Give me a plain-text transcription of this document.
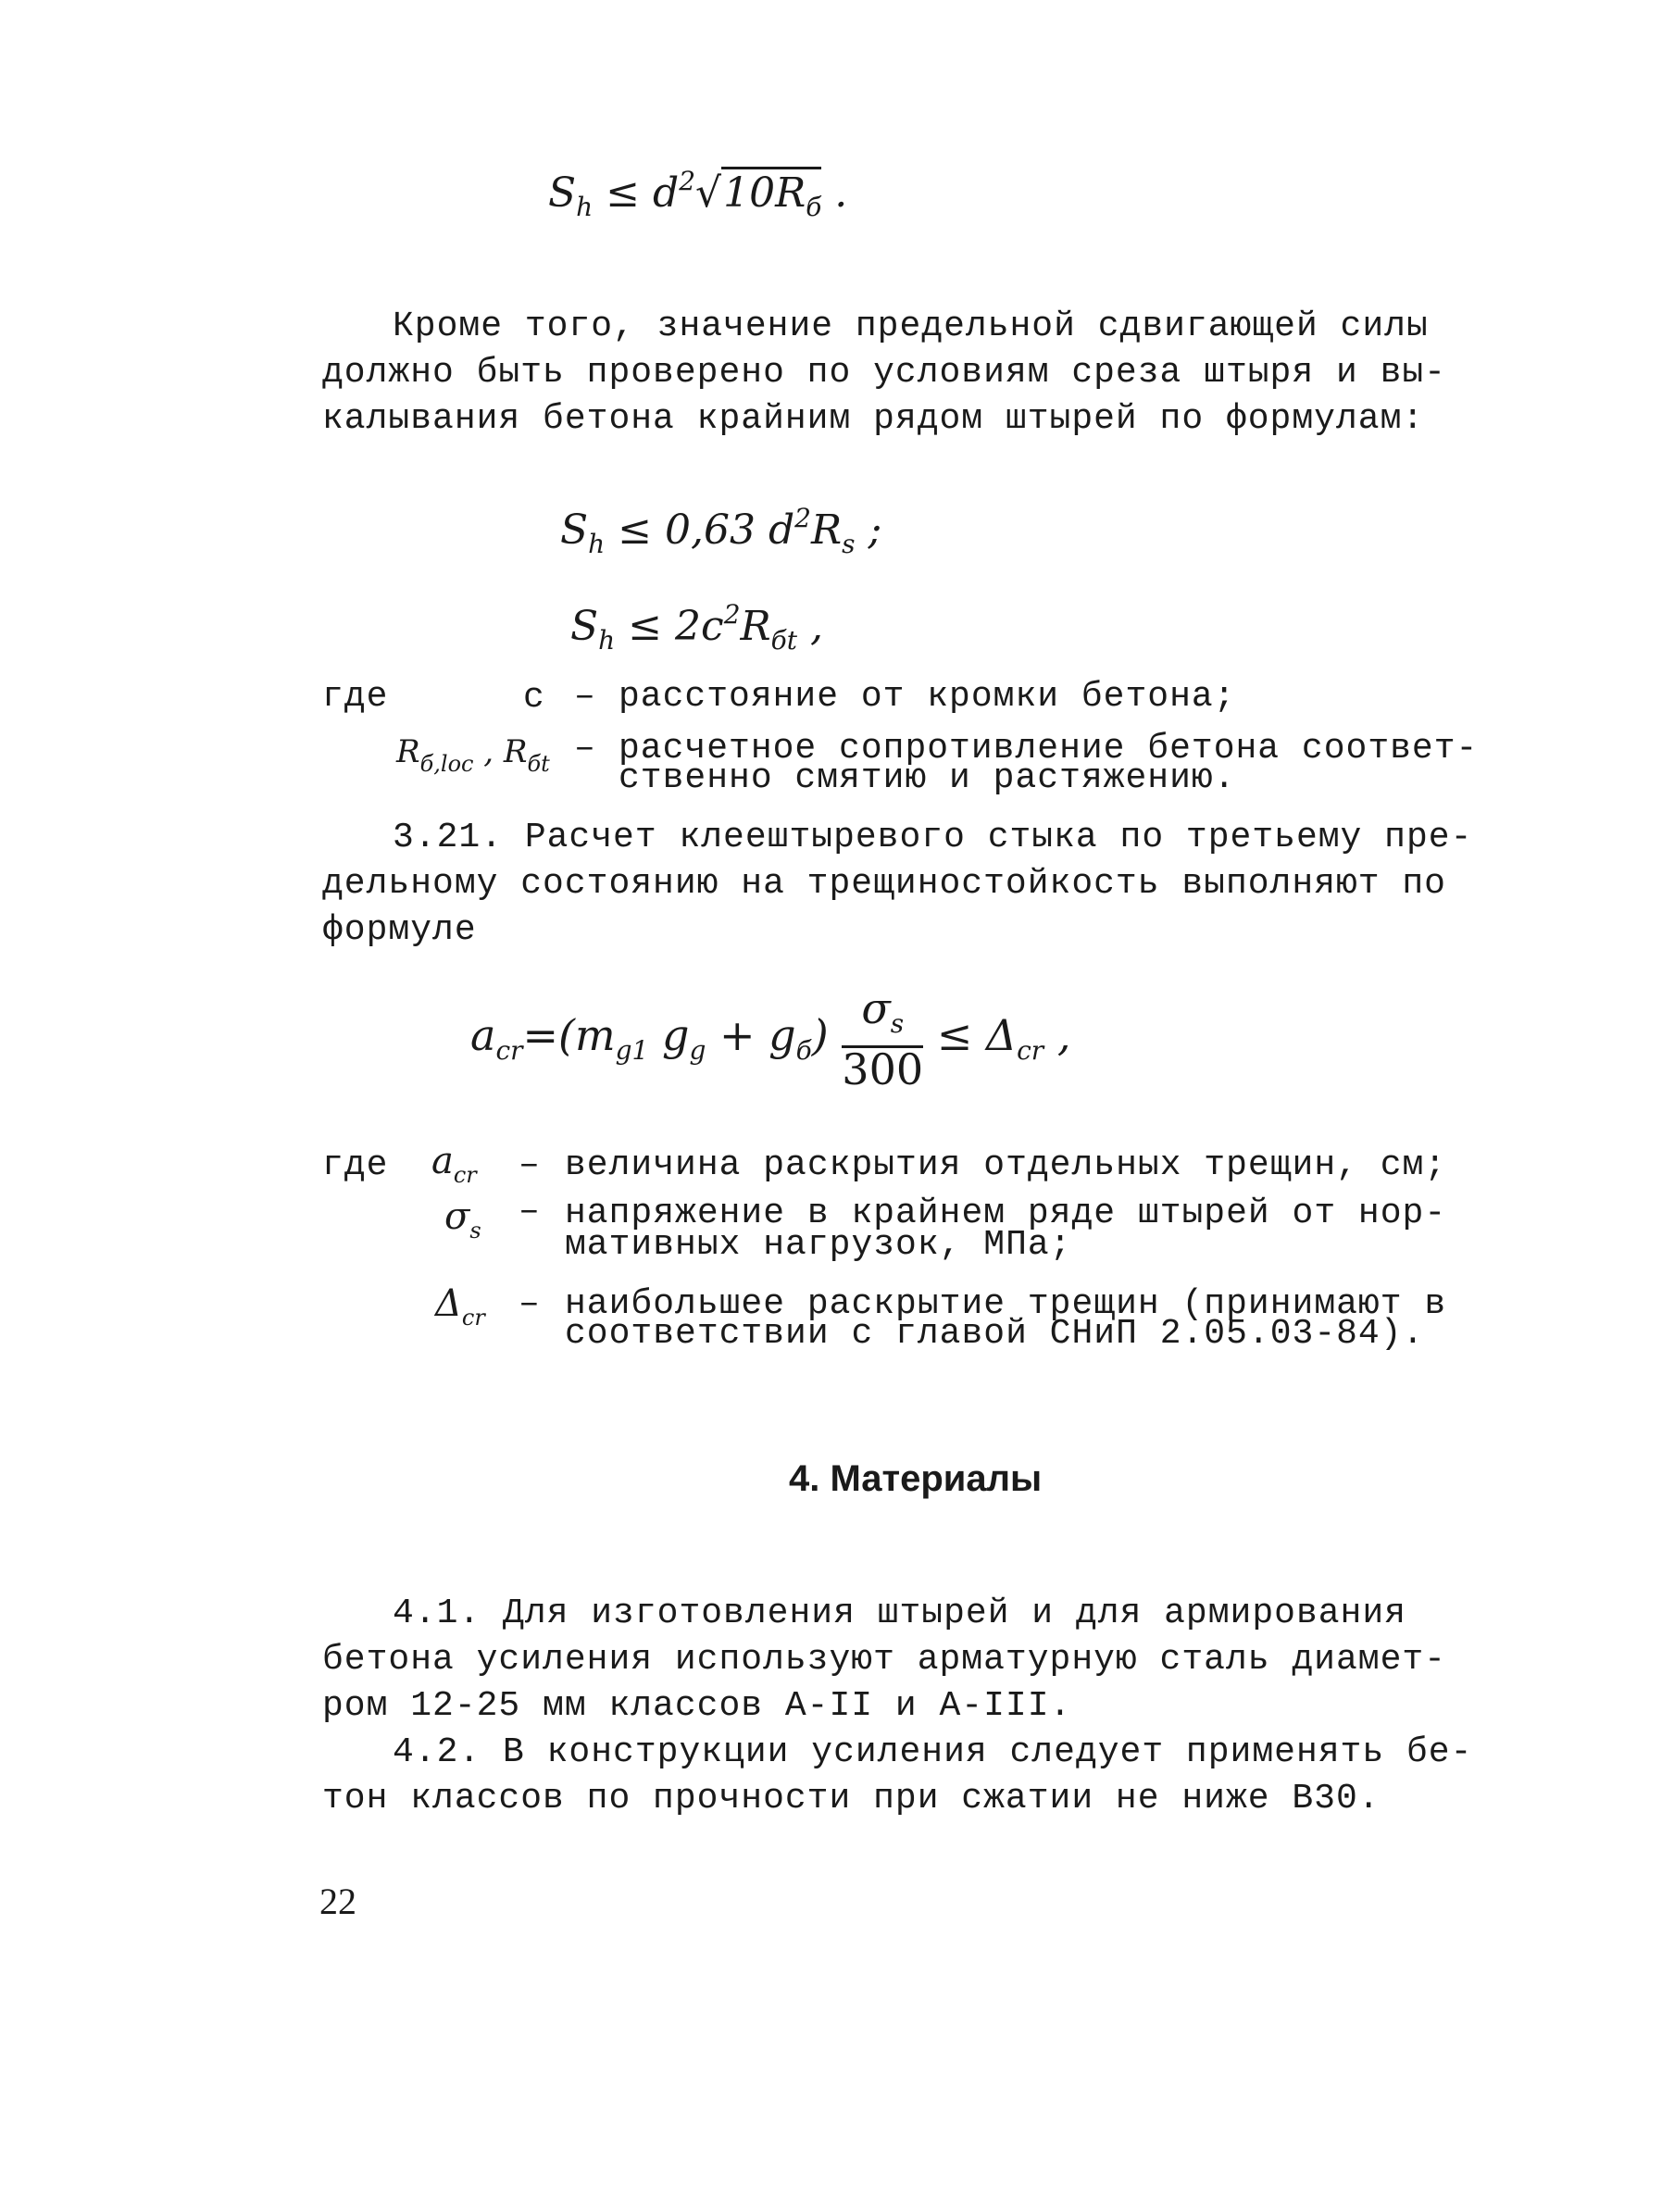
$S_h \le d^2√10R_б$ .
Кроме того, значение предельной сдвигающей силы
должно быть проверено по условиям среза штыря и вы-
калывания бетона крайним рядом штырей по формулам:
$S_h \le 0,63$ $d^2R_s$ ;
$S_h \le 2c^2R_{бt}$ ,
где	c – расстояние от кромки бетона;
$R_{б,loc}$ , $R_{бt}$ – расчетное сопротивление бетона соответ-
ственно смятию и растяжению.
3.21. Расчет клеештыревого стыка по третьему пре-
дельному состоянию на трещиностойкость выполняют по
формуле
$a_{cr}=(m_{g1}$ $g_g + g_б) \frac{\sigma_s}{300} \le \Delta_{cr}$ ,
где $a_{cr}$ – величина раскрытия отдельных трещин, см;
$\sigma_s$ – напряжение в крайнем ряде штырей от нор-
мативных нагрузок, МПа;
$\Delta_{cr}$ – наибольшее раскрытие трещин (принимают в
соответствии с главой СНиП 2.05.03-84).
4. Материалы
4.1. Для изготовления штырей и для армирования
бетона усиления используют арматурную сталь диамет-
ром 12-25 мм классов А-II и А-III.
4.2. В конструкции усиления следует применять бе-
тон классов по прочности при сжатии не ниже В30.
22
